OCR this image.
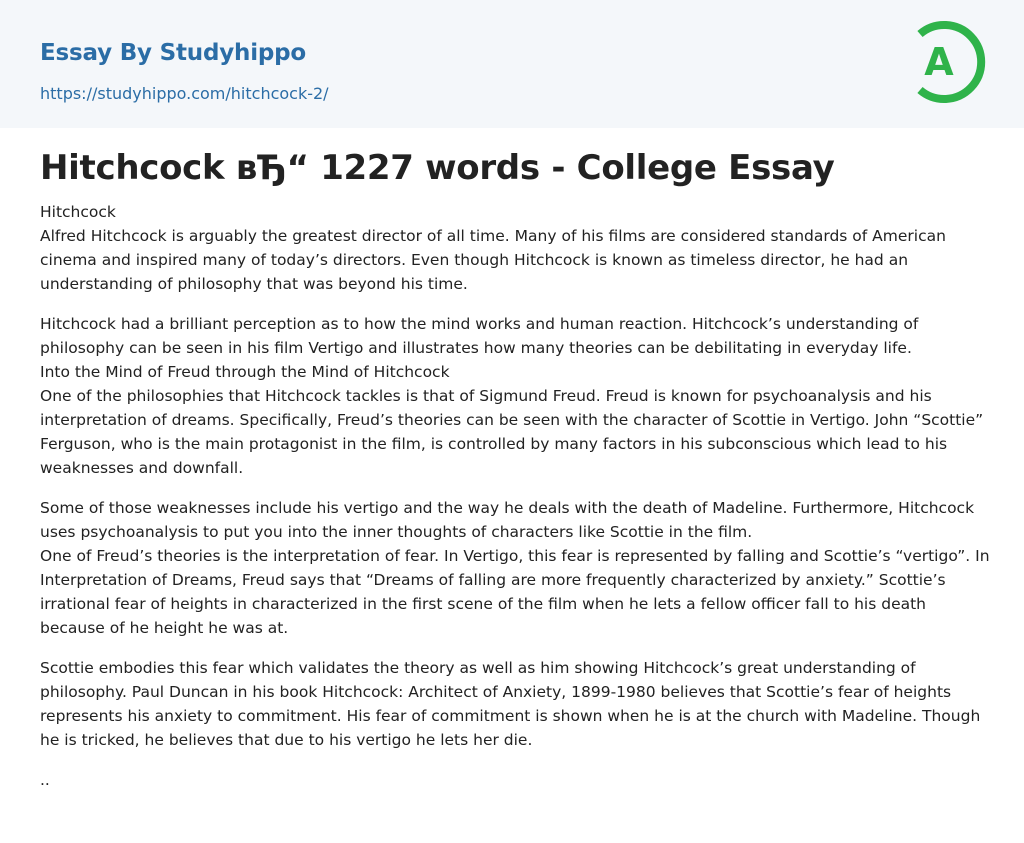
Essay By Studyhippo
https://studyhippo.com/hitchcock-2/
A
Hitchcock вЂ“ 1227 words - College Essay
Hitchcock
Alfred Hitchcock is arguably the greatest director of all time. Many of his films are considered standards of American cinema and inspired many of today’s directors. Even though Hitchcock is known as timeless director, he had an understanding of philosophy that was beyond his time.
Hitchcock had a brilliant perception as to how the mind works and human reaction. Hitchcock’s understanding of philosophy can be seen in his film Vertigo and illustrates how many theories can be debilitating in everyday life.
Into the Mind of Freud through the Mind of Hitchcock
One of the philosophies that Hitchcock tackles is that of Sigmund Freud. Freud is known for psychoanalysis and his interpretation of dreams. Specifically, Freud’s theories can be seen with the character of Scottie in Vertigo. John “Scottie” Ferguson, who is the main protagonist in the film, is controlled by many factors in his subconscious which lead to his weaknesses and downfall.
Some of those weaknesses include his vertigo and the way he deals with the death of Madeline. Furthermore, Hitchcock uses psychoanalysis to put you into the inner thoughts of characters like Scottie in the film.
One of Freud’s theories is the interpretation of fear. In Vertigo, this fear is represented by falling and Scottie’s “vertigo”. In Interpretation of Dreams, Freud says that “Dreams of falling are more frequently characterized by anxiety.” Scottie’s irrational fear of heights in characterized in the first scene of the film when he lets a fellow officer fall to his death because of he height he was at.
Scottie embodies this fear which validates the theory as well as him showing Hitchcock’s great understanding of philosophy. Paul Duncan in his book Hitchcock: Architect of Anxiety, 1899-1980 believes that Scottie’s fear of heights represents his anxiety to commitment. His fear of commitment is shown when he is at the church with Madeline. Though he is tricked, he believes that due to his vertigo he lets her die.
..
